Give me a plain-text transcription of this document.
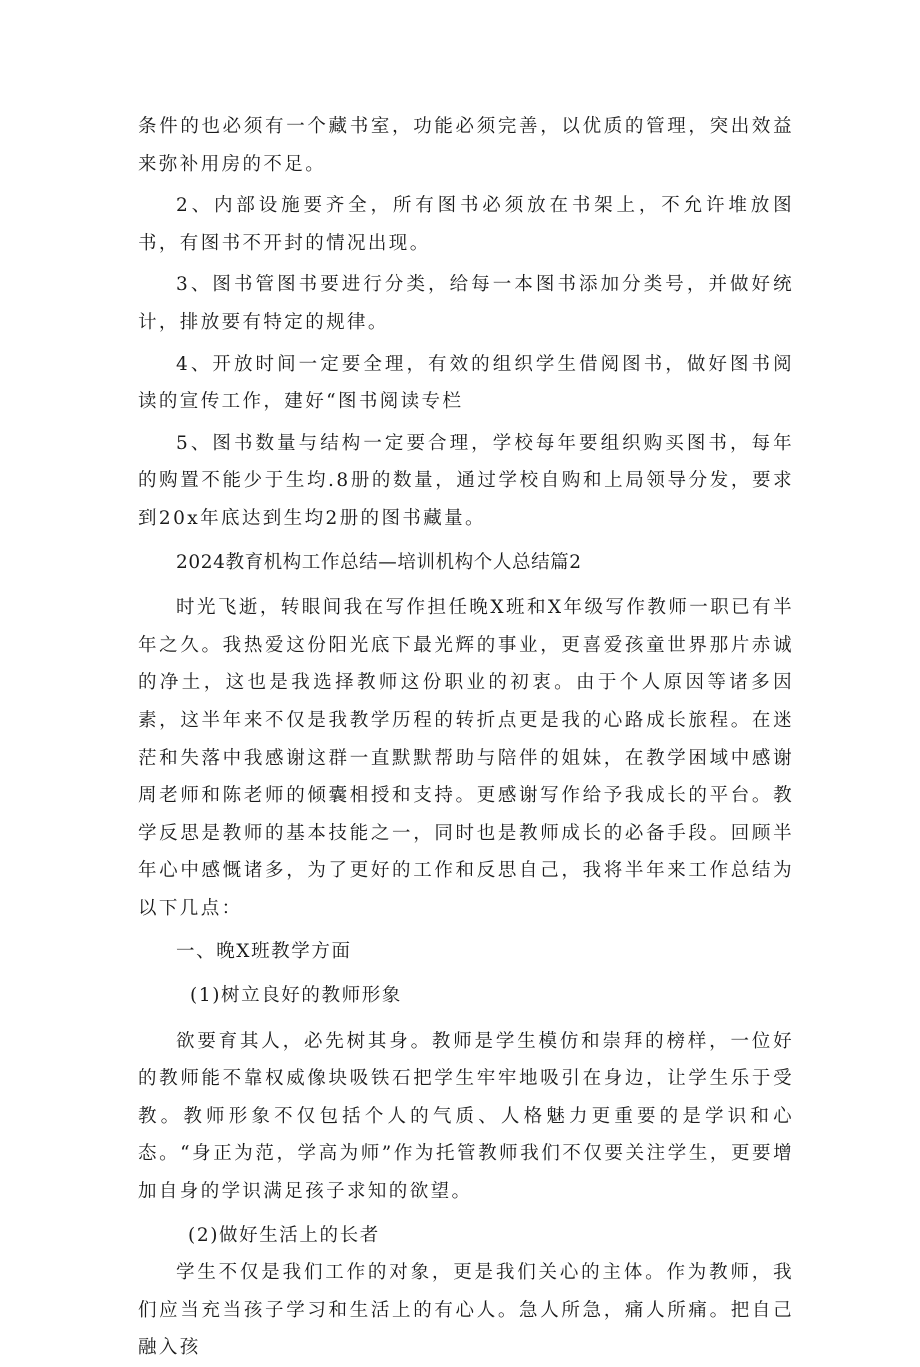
条件的也必须有一个藏书室，功能必须完善，以优质的管理，突出效益来弥补用房的不足。

2、内部设施要齐全，所有图书必须放在书架上，不允许堆放图书，有图书不开封的情况出现。

3、图书管图书要进行分类，给每一本图书添加分类号，并做好统计，排放要有特定的规律。

4、开放时间一定要全理，有效的组织学生借阅图书，做好图书阅读的宣传工作，建好“图书阅读专栏

5、图书数量与结构一定要合理，学校每年要组织购买图书，每年的购置不能少于生均.8册的数量，通过学校自购和上局领导分发，要求到20x年底达到生均2册的图书藏量。

2024教育机构工作总结—培训机构个人总结篇2

时光飞逝，转眼间我在写作担任晚X班和X年级写作教师一职已有半年之久。我热爱这份阳光底下最光辉的事业，更喜爱孩童世界那片赤诚的净土，这也是我选择教师这份职业的初衷。由于个人原因等诸多因素，这半年来不仅是我教学历程的转折点更是我的心路成长旅程。在迷茫和失落中我感谢这群一直默默帮助与陪伴的姐妹，在教学困域中感谢周老师和陈老师的倾囊相授和支持。更感谢写作给予我成长的平台。教学反思是教师的基本技能之一，同时也是教师成长的必备手段。回顾半年心中感慨诸多，为了更好的工作和反思自己，我将半年来工作总结为以下几点：

一、晚X班教学方面

(1)树立良好的教师形象

欲要育其人，必先树其身。教师是学生模仿和崇拜的榜样，一位好的教师能不靠权威像块吸铁石把学生牢牢地吸引在身边，让学生乐于受教。教师形象不仅包括个人的气质、人格魅力更重要的是学识和心态。“身正为范，学高为师”作为托管教师我们不仅要关注学生，更要增加自身的学识满足孩子求知的欲望。

(2)做好生活上的长者

学生不仅是我们工作的对象，更是我们关心的主体。作为教师，我们应当充当孩子学习和生活上的有心人。急人所急，痛人所痛。把自己融入孩
